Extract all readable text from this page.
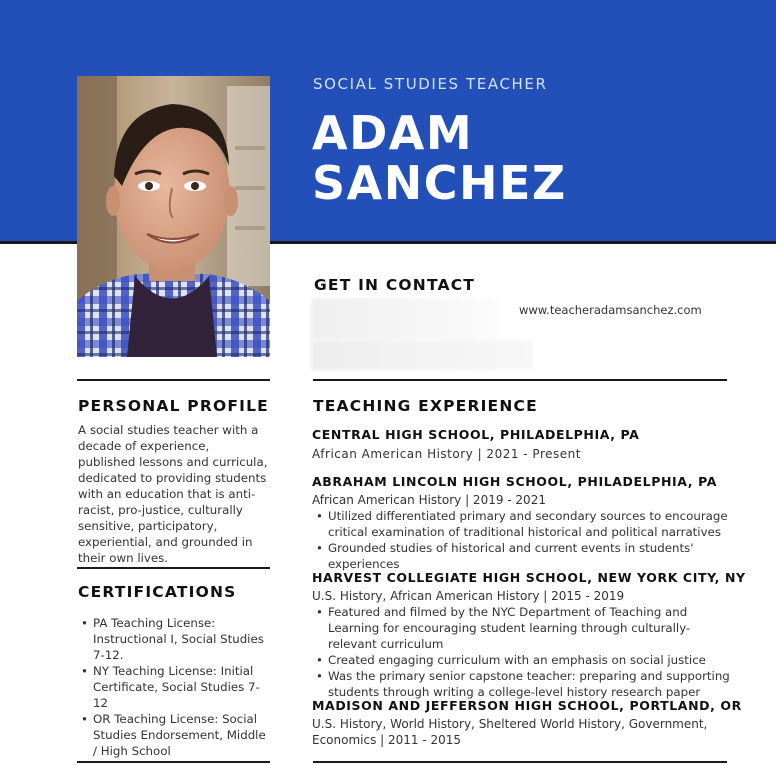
SOCIAL STUDIES TEACHER
ADAM
SANCHEZ
GET IN CONTACT
www.teacheradamsanchez.com
PERSONAL PROFILE
A social studies teacher with a decade of experience, published lessons and curricula, dedicated to providing students with an education that is anti-racist, pro-justice, culturally sensitive, participatory, experiential, and grounded in their own lives.
CERTIFICATIONS
• PA Teaching License: Instructional I, Social Studies 7-12.
• NY Teaching License: Initial Certificate, Social Studies 7-12
• OR Teaching License: Social Studies Endorsement, Middle / High School
TEACHING EXPERIENCE
CENTRAL HIGH SCHOOL, PHILADELPHIA, PA
African American History | 2021 - Present
ABRAHAM LINCOLN HIGH SCHOOL, PHILADELPHIA, PA
African American History | 2019 - 2021
• Utilized differentiated primary and secondary sources to encourage critical examination of traditional historical and political narratives
• Grounded studies of historical and current events in students' experiences
HARVEST COLLEGIATE HIGH SCHOOL, NEW YORK CITY, NY
U.S. History, African American History | 2015 - 2019
• Featured and filmed by the NYC Department of Teaching and Learning for encouraging student learning through culturally-relevant curriculum
• Created engaging curriculum with an emphasis on social justice
• Was the primary senior capstone teacher: preparing and supporting students through writing a college-level history research paper
MADISON AND JEFFERSON HIGH SCHOOL, PORTLAND, OR
U.S. History, World History, Sheltered World History, Government, Economics | 2011 - 2015
